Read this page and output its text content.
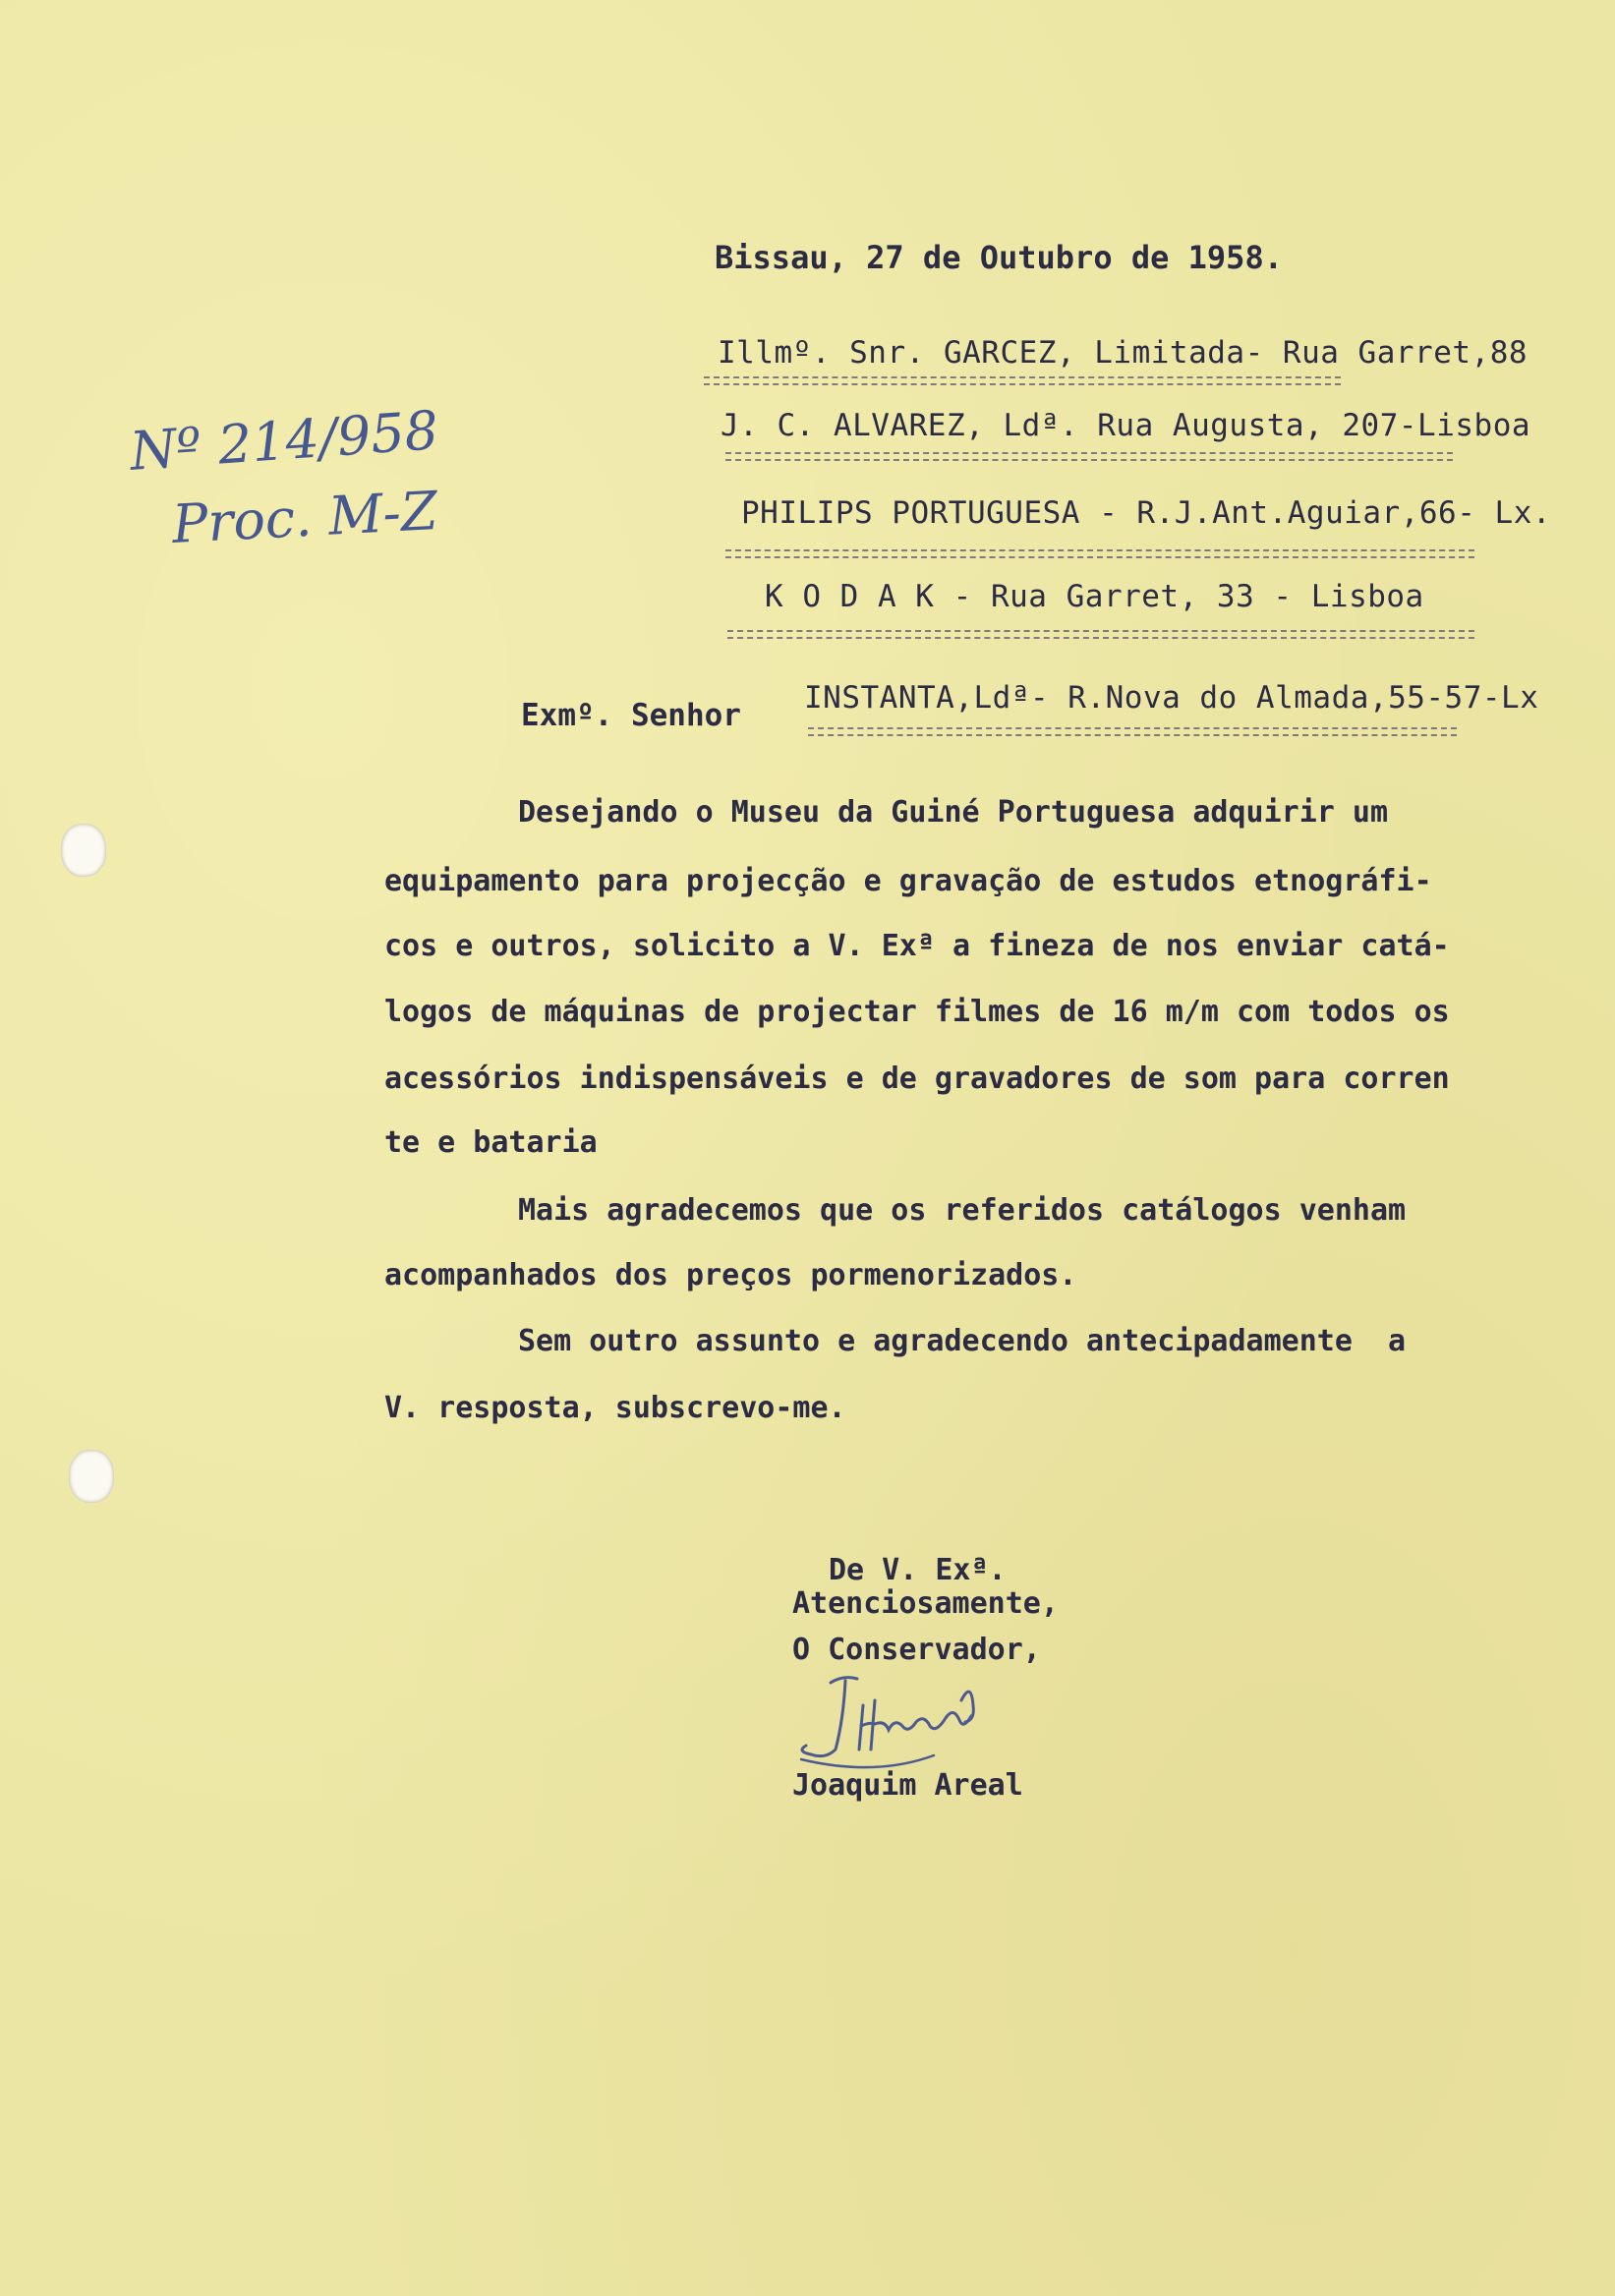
Bissau, 27 de Outubro de 1958.
Illmº. Snr. GARCEZ, Limitada- Rua Garret,88
J. C. ALVAREZ, Ldª. Rua Augusta, 207-Lisboa
PHILIPS PORTUGUESA - R.J.Ant.Aguiar,66- Lx.
K O D A K - Rua Garret, 33 - Lisboa
Exmº. Senhor INSTANTA,Ldª- R.Nova do Almada,55-57-Lx
Nº 214/958
Proc. M-Z
Desejando o Museu da Guiné Portuguesa adquirir um
equipamento para projecção e gravação de estudos etnográfi-
cos e outros, solicito a V. Exª a fineza de nos enviar catá-
logos de máquinas de projectar filmes de 16 m/m com todos os
acessórios indispensáveis e de gravadores de som para corren
te e bataria
Mais agradecemos que os referidos catálogos venham
acompanhados dos preços pormenorizados.
Sem outro assunto e agradecendo antecipadamente  a
V. resposta, subscrevo-me.
De V. Exª.
Atenciosamente,
O Conservador,
Joaquim Areal
